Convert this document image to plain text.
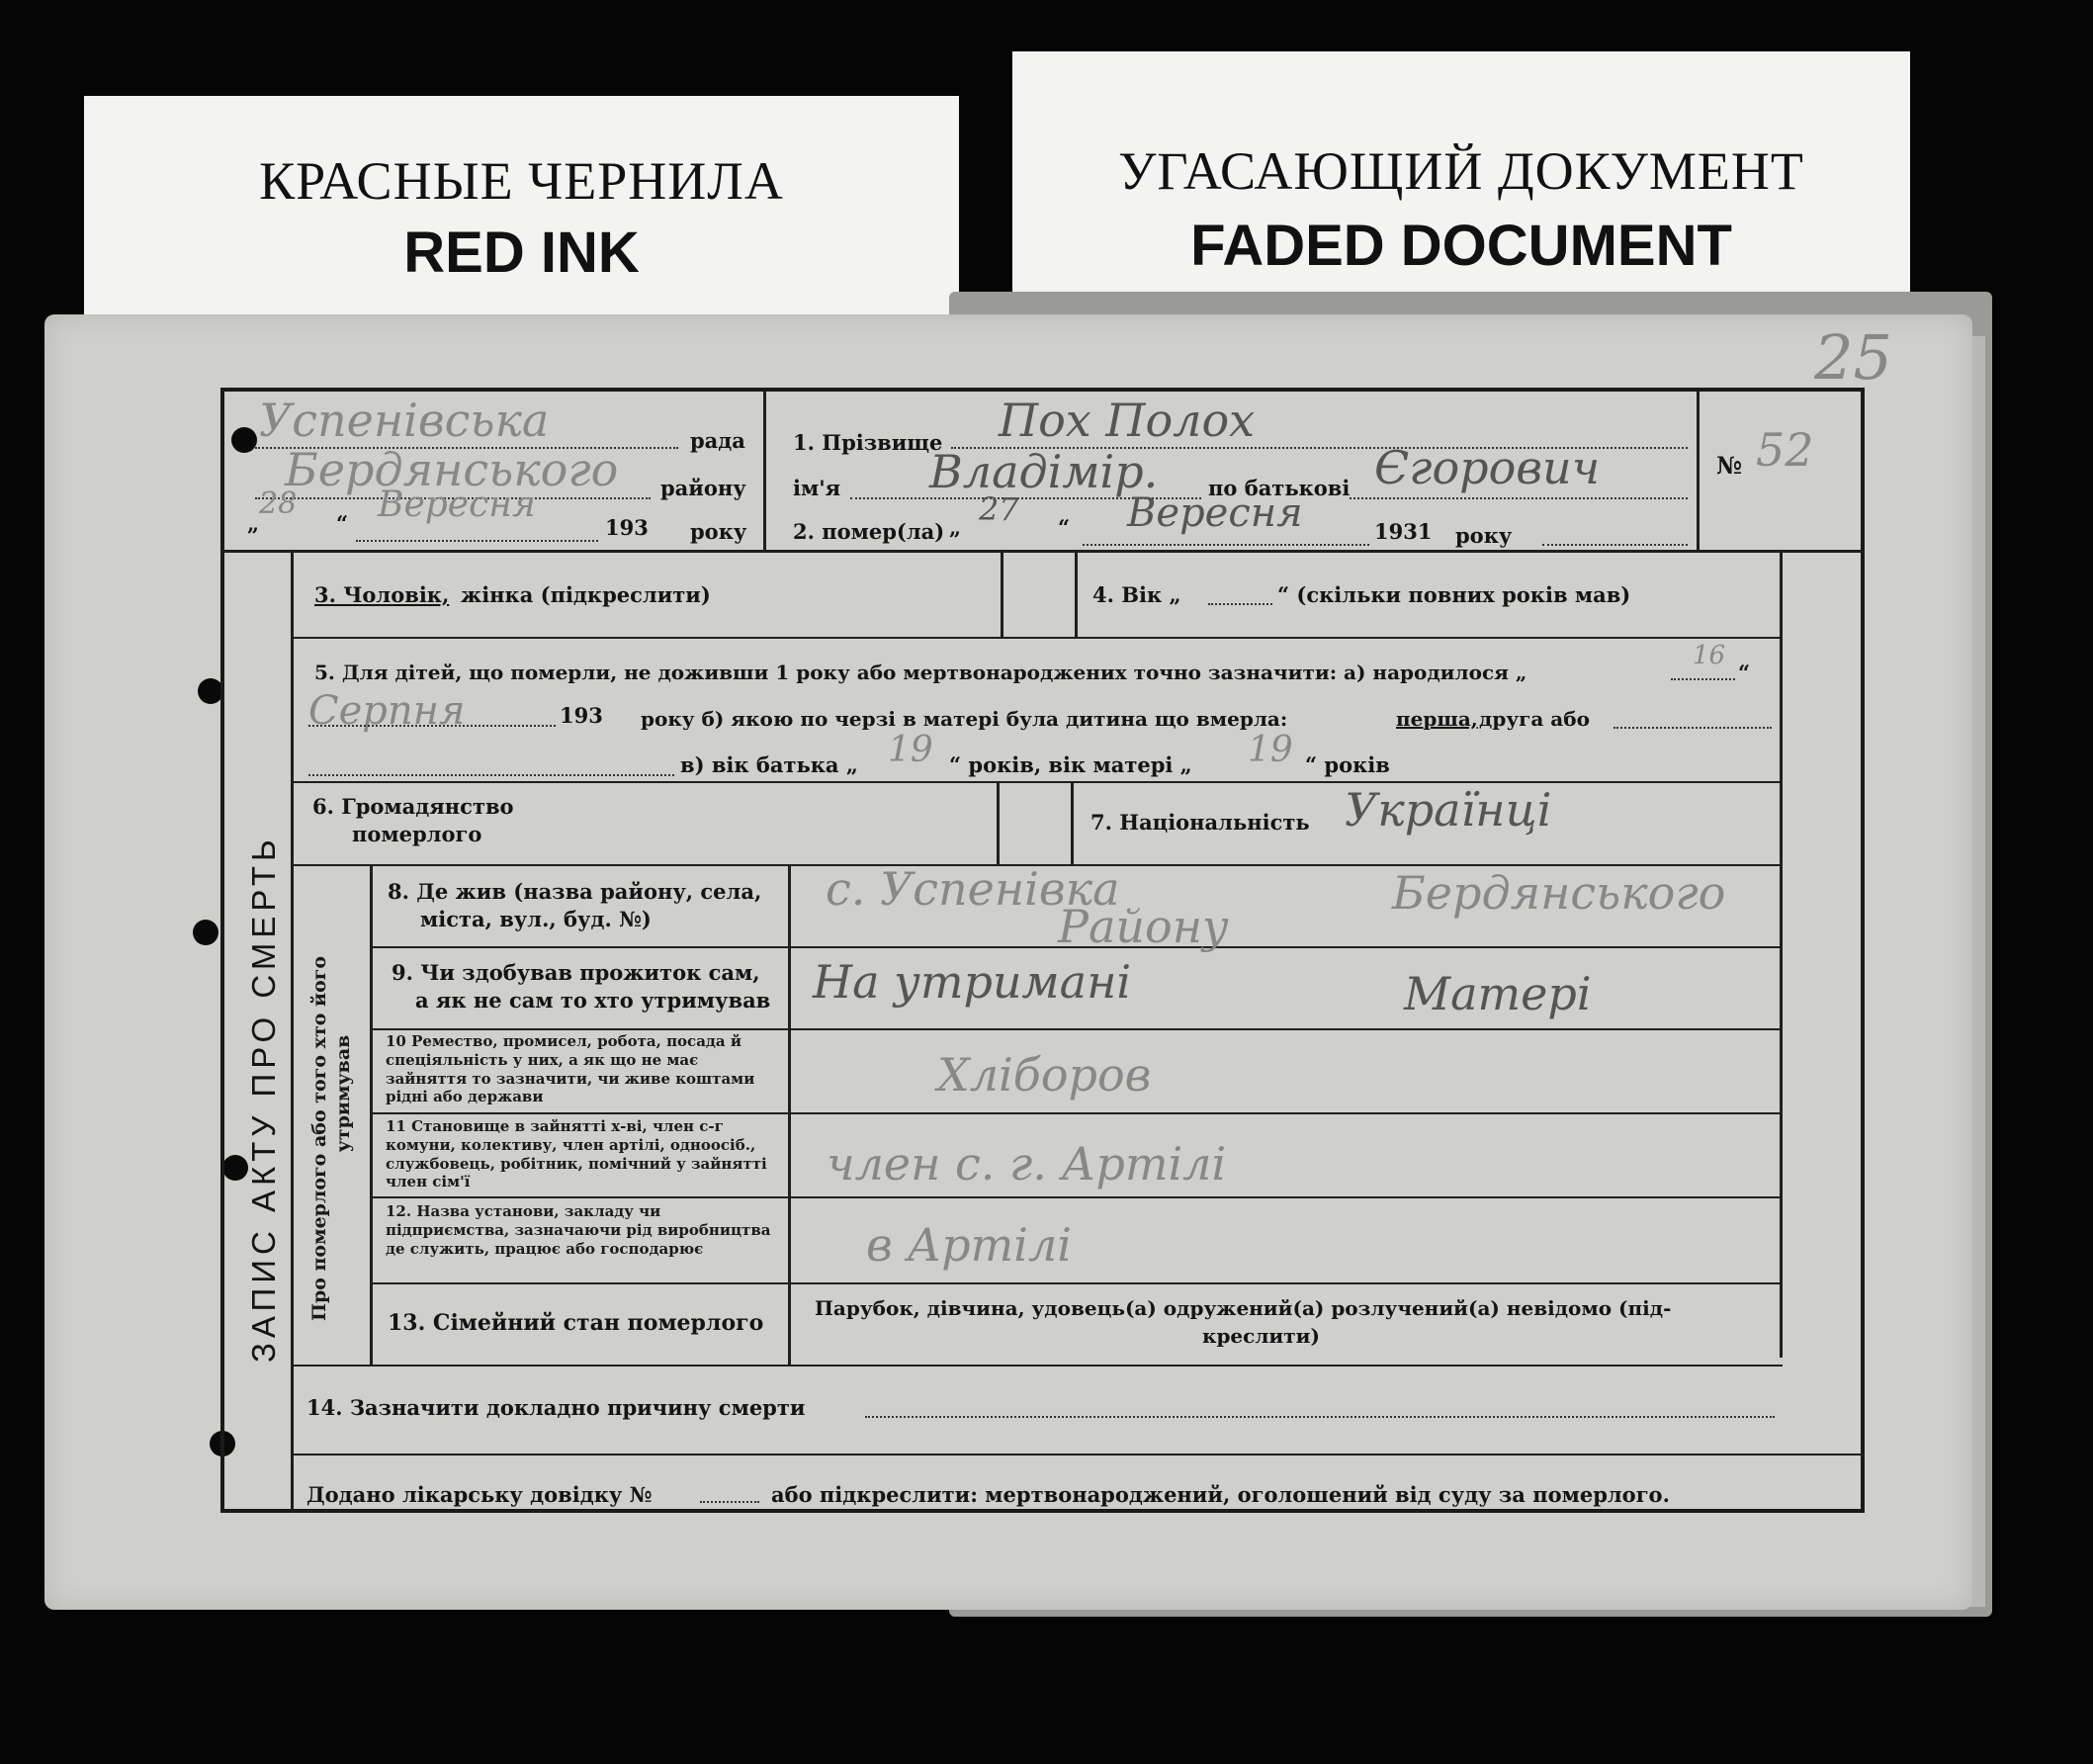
КРАСНЫЕ ЧЕРНИЛА
RED INK
УГАСАЮЩИЙ ДОКУМЕНТ
FADED DOCUMENT
25
ЗАПИС АКТУ ПРО СМЕРТЬ
Успенівська	рада
Бердянського району
„
28
“ Вересня
193 року
1. Прізвище Пох Полох
ім'я Владімір. по батькові Єгорович
2. помер(ла) „ 27 “ Вересня	1931 року
№ 52
3. Чоловік, жінка (підкреслити)	4. Вік „	“ (скільки повних років мав)
5. Для дітей, що померли, не доживши 1 року або мертвонароджених точно зазначити: а) народилося „
16
“
Серпня	193 року б) якою по черзі в матері була дитина що вмерла:	перша, друга або
в) вік батька „ 19 “ років, вік матері „ 19 “ років
6. Громадянство
померлого	7. Національність Українці
Про померлого або того хто його утримував
8. Де жив (назва району, села,
міста, вул., буд. №)
с. Успенівка	Бердянського
Району
9. Чи здобував прожиток сам,
а як не сам то хто утримував На утримані	Матері
10 Ремество, промисел, робота, посада й спеціяльність у них, а як що не має зайняття то зазначити, чи живе коштами рідні або держави	Хліборов
11 Становище в зайнятті х-ві, член с-г комуни, колективу, член артілі, одноосіб., службовець, робітник, помічний у зайнятті член сім'ї	член с. г. Артілі
12. Назва установи, закладу чи підприємства, зазначаючи рід виробництва де служить, працює або господарює	в Артілі
13. Сімейний стан померлого
Парубок, дівчина, удовець(а) одружений(а) розлучений(а) невідомо (під-
креслити)
14. Зазначити докладно причину смерти
Додано лікарську довідку №	або підкреслити: мертвонароджений, оголошений від суду за померлого.
